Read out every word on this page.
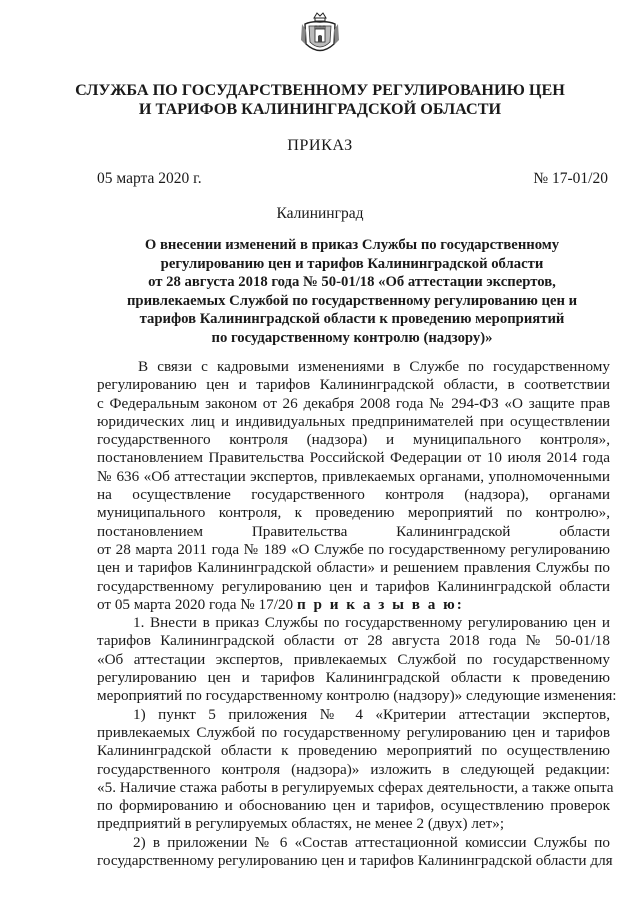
СЛУЖБА ПО ГОСУДАРСТВЕННОМУ РЕГУЛИРОВАНИЮ ЦЕН
И ТАРИФОВ КАЛИНИНГРАДСКОЙ ОБЛАСТИ
ПРИКАЗ
05 марта 2020 г.	№ 17-01/20
Калининград
О внесении изменений в приказ Службы по государственному
регулированию цен и тарифов Калининградской области
от 28 августа 2018 года № 50-01/18 «Об аттестации экспертов,
привлекаемых Службой по государственному регулированию цен и
тарифов Калининградской области к проведению мероприятий
по государственному контролю (надзору)»
В связи с кадровыми изменениями в Службе по государственному
регулированию цен и тарифов Калининградской области, в соответствии
с Федеральным законом от 26 декабря 2008 года № 294-ФЗ «О защите прав
юридических лиц и индивидуальных предпринимателей при осуществлении
государственного контроля (надзора) и муниципального контроля»,
постановлением Правительства Российской Федерации от 10 июля 2014 года
№ 636 «Об аттестации экспертов, привлекаемых органами, уполномоченными
на осуществление государственного контроля (надзора), органами
муниципального контроля, к проведению мероприятий по контролю»,
постановлением Правительства Калининградской области
от 28 марта 2011 года № 189 «О Службе по государственному регулированию
цен и тарифов Калининградской области» и решением правления Службы по
государственному регулированию цен и тарифов Калининградской области
от 05 марта 2020 года № 17/20 п р и к а з ы в а ю:
1. Внести в приказ Службы по государственному регулированию цен и
тарифов Калининградской области от 28 августа 2018 года № 50-01/18
«Об аттестации экспертов, привлекаемых Службой по государственному
регулированию цен и тарифов Калининградской области к проведению
мероприятий по государственному контролю (надзору)» следующие изменения:
1) пункт 5 приложения № 4 «Критерии аттестации экспертов,
привлекаемых Службой по государственному регулированию цен и тарифов
Калининградской области к проведению мероприятий по осуществлению
государственного контроля (надзора)» изложить в следующей редакции:
«5. Наличие стажа работы в регулируемых сферах деятельности, а также опыта
по формированию и обоснованию цен и тарифов, осуществлению проверок
предприятий в регулируемых областях, не менее 2 (двух) лет»;
2) в приложении № 6 «Состав аттестационной комиссии Службы по
государственному регулированию цен и тарифов Калининградской области для
